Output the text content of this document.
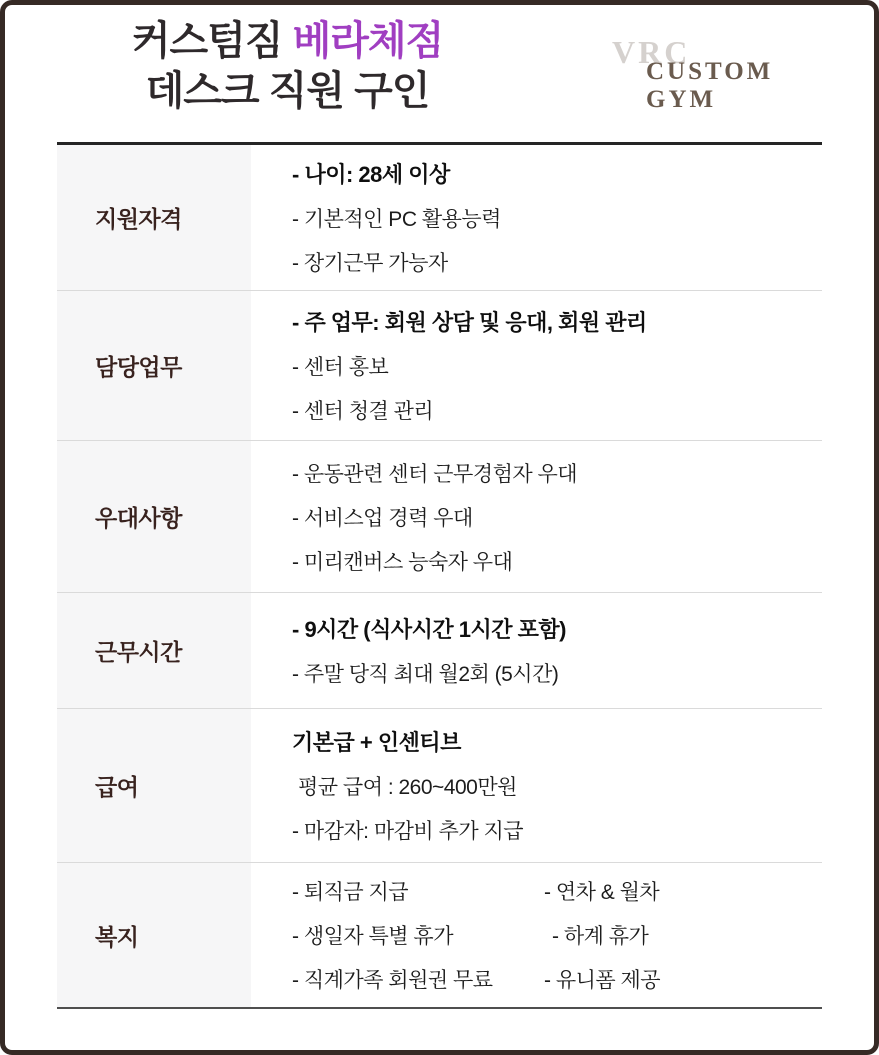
커스텀짐 베라체점
데스크 직원 구인
VRC
CUSTOM
GYM
지원자격
- 나이: 28세 이상
- 기본적인 PC 활용능력
- 장기근무 가능자
담당업무
- 주 업무: 회원 상담 및 응대, 회원 관리
- 센터 홍보
- 센터 청결 관리
우대사항
- 운동관련 센터 근무경험자 우대
- 서비스업 경력 우대
- 미리캔버스 능숙자 우대
근무시간
- 9시간 (식사시간 1시간 포함)
- 주말 당직 최대 월2회 (5시간)
급여
기본급 + 인센티브
평균 급여 : 260~400만원
- 마감자: 마감비 추가 지급
복지
- 퇴직금 지급	- 연차 & 월차
- 생일자 특별 휴가	- 하계 휴가
- 직계가족 회원권 무료	- 유니폼 제공
